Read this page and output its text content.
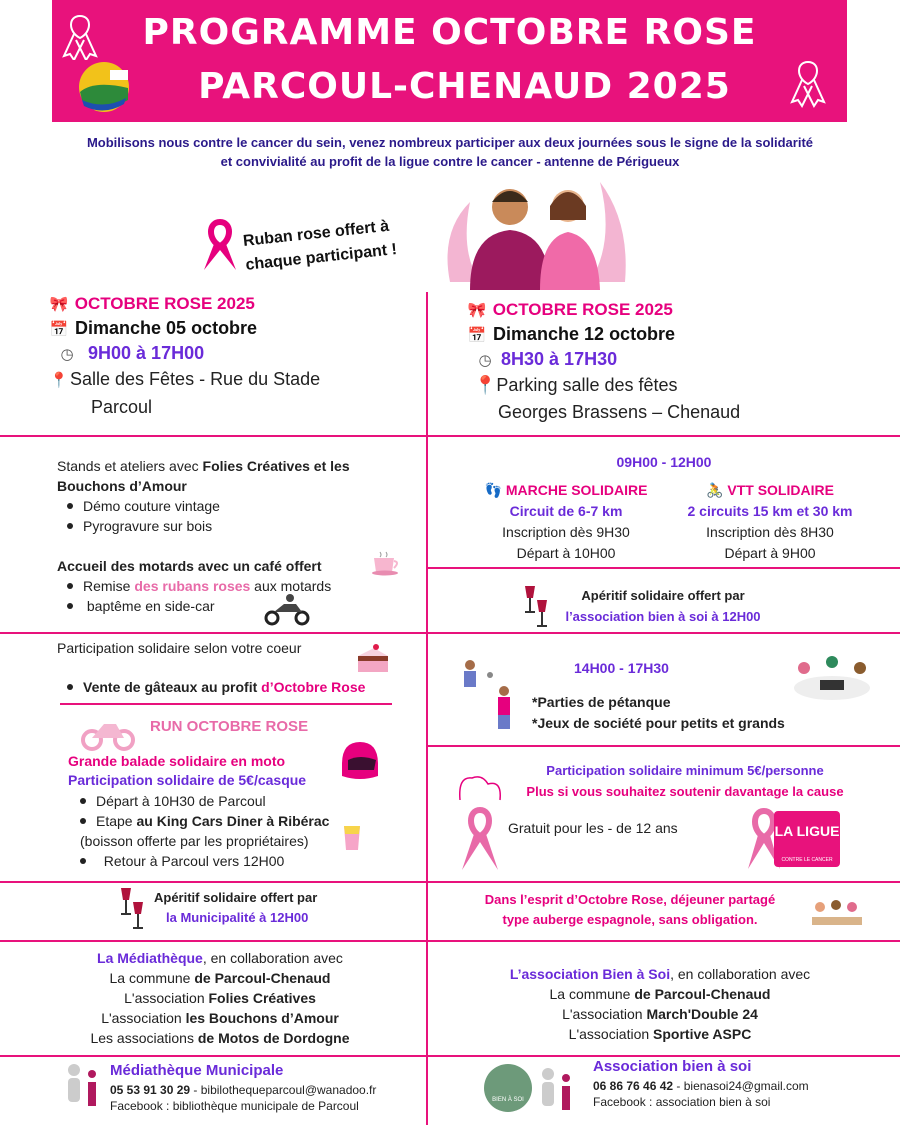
PROGRAMME OCTOBRE ROSE
PARCOUL-CHENAUD 2025
Mobilisons nous contre le cancer du sein, venez nombreux participer aux deux journées sous le signe de la solidarité
et convivialité au profit de la ligue contre le cancer - antenne de Périgueux
Ruban rose offert à
chaque participant !
🎀 OCTOBRE ROSE 2025
📅 Dimanche 05 octobre
◷ 9H00 à 17H00
📍Salle des Fêtes - Rue du Stade
Parcoul
🎀 OCTOBRE ROSE 2025
📅 Dimanche 12 octobre
◷ 8H30 à 17H30
📍Parking salle des fêtes
Georges Brassens – Chenaud
Stands et ateliers avec Folies Créatives et les
Bouchons d’Amour
Démo couture vintage
Pyrogravure sur bois
Accueil des motards avec un café offert
Remise des rubans roses aux motards
baptême en side-car
Participation solidaire selon votre coeur
Vente de gâteaux au profit d’Octobre Rose
RUN OCTOBRE ROSE
Grande balade solidaire en moto
Participation solidaire de 5€/casque
Départ à 10H30 de Parcoul
Etape au King Cars Diner à Ribérac
(boisson offerte par les propriétaires)
Retour à Parcoul vers 12H00
Apéritif solidaire offert par
la Municipalité à 12H00
La Médiathèque, en collaboration avec
La commune de Parcoul-Chenaud
L'association Folies Créatives
L'association les Bouchons d’Amour
Les associations de Motos de Dordogne
Médiathèque Municipale
05 53 91 30 29 - bibilothequeparcoul@wanadoo.fr
Facebook : bibliothèque municipale de Parcoul
09H00 - 12H00
👣 MARCHE SOLIDAIRE
Circuit de 6-7 km
Inscription dès 9H30
Départ à 10H00
🚴 VTT SOLIDAIRE
2 circuits 15 km et 30 km
Inscription dès 8H30
Départ à 9H00
Apéritif solidaire offert par
l’association bien à soi à 12H00
14H00 - 17H30
*Parties de pétanque
*Jeux de société pour petits et grands
Participation solidaire minimum 5€/personne
Plus si vous souhaitez soutenir davantage la cause
Gratuit pour les - de 12 ans	LA LIGUE
CONTRE LE CANCER
Dans l’esprit d’Octobre Rose, déjeuner partagé
type auberge espagnole, sans obligation.
L’association Bien à Soi, en collaboration avec
La commune de Parcoul-Chenaud
L'association March'Double 24
L'association Sportive ASPC
BIEN À SOI
Association bien à soi
06 86 76 46 42 - bienasoi24@gmail.com
Facebook : association bien à soi
